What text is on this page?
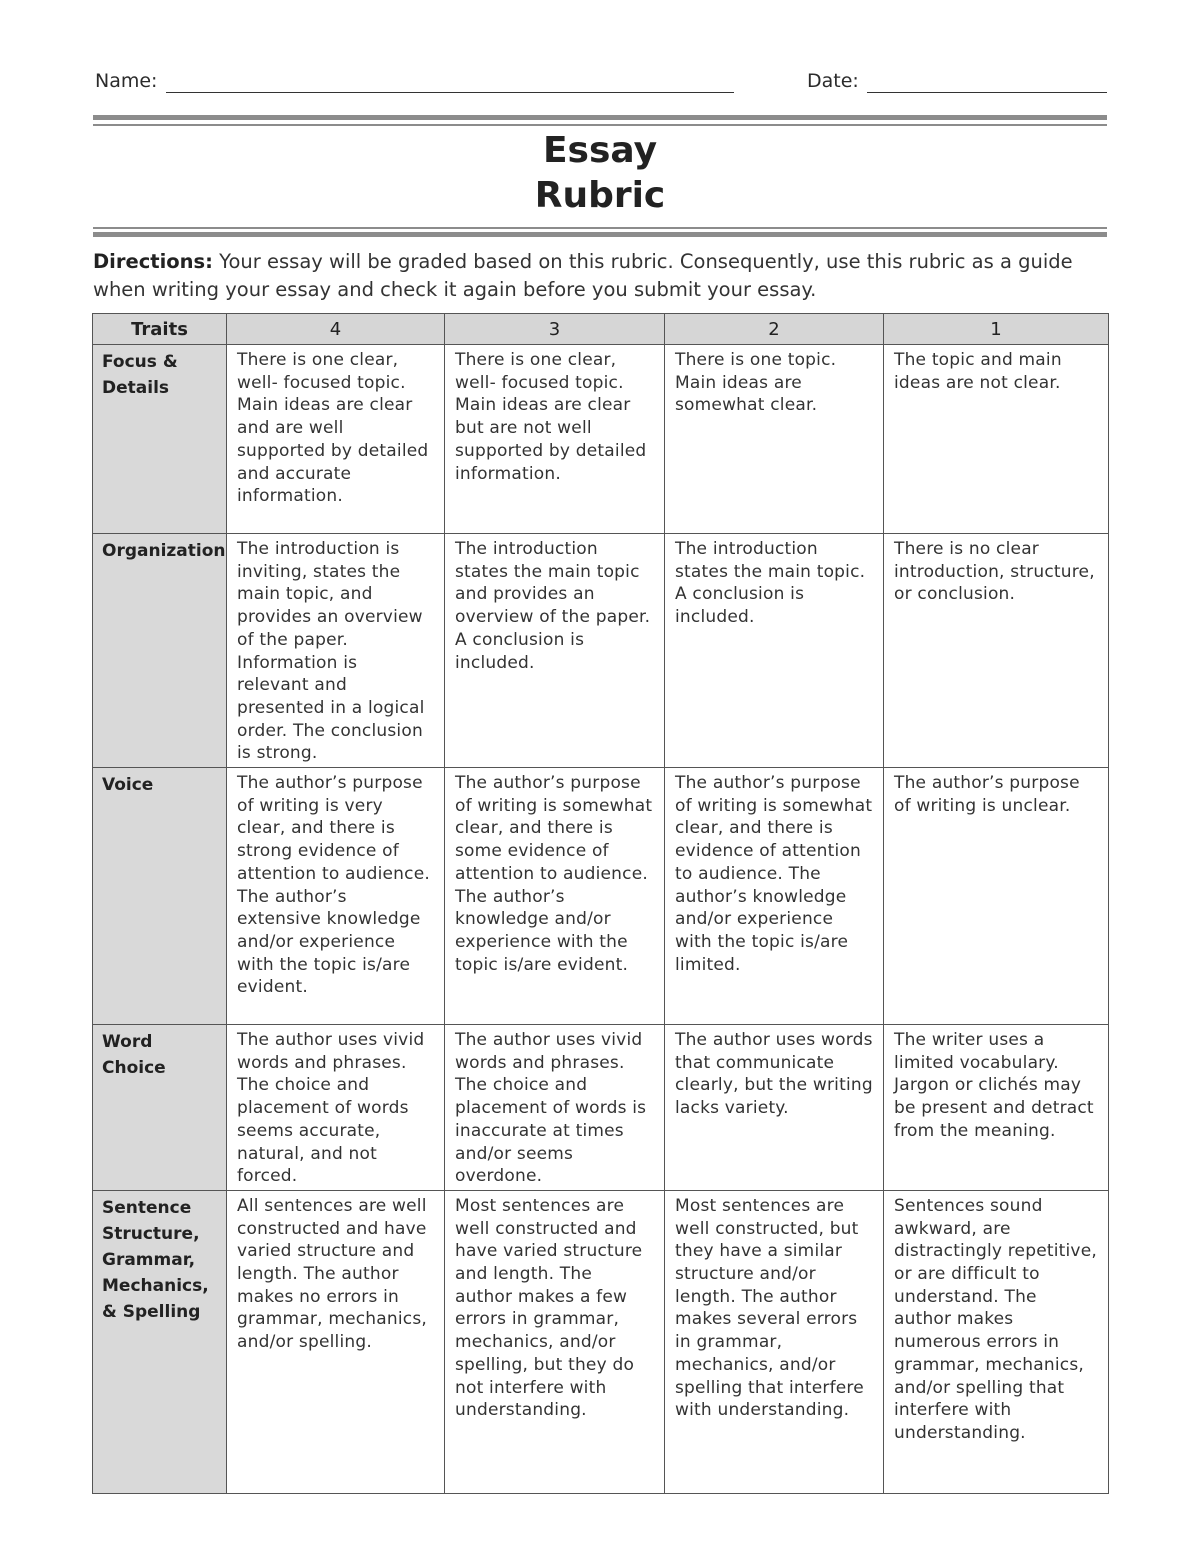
Name:	Date:
Essay
Rubric
Directions: Your essay will be graded based on this rubric. Consequently, use this rubric as a guide when writing your essay and check it again before you submit your essay.
Traits	4	3	2	1
Focus & Details	There is one clear, well- focused topic. Main ideas are clear and are well supported by detailed and accurate information.	There is one clear, well- focused topic. Main ideas are clear but are not well supported by detailed information.	There is one topic. Main ideas are somewhat clear.	The topic and main ideas are not clear.
Organization	The introduction is inviting, states the main topic, and provides an overview of the paper. Information is relevant and presented in a logical order. The conclusion is strong.	The introduction states the main topic and provides an overview of the paper. A conclusion is included.	The introduction states the main topic. A conclusion is included.	There is no clear introduction, structure, or conclusion.
Voice	The author’s purpose of writing is very clear, and there is strong evidence of attention to audience. The author’s extensive knowledge and/or experience with the topic is/are evident.	The author’s purpose of writing is somewhat clear, and there is some evidence of attention to audience. The author’s knowledge and/or experience with the topic is/are evident.	The author’s purpose of writing is somewhat clear, and there is evidence of attention to audience. The author’s knowledge and/or experience with the topic is/are limited.	The author’s purpose of writing is unclear.
Word Choice	The author uses vivid words and phrases. The choice and placement of words seems accurate, natural, and not forced.	The author uses vivid words and phrases. The choice and placement of words is inaccurate at times and/or seems overdone.	The author uses words that communicate clearly, but the writing lacks variety.	The writer uses a limited vocabulary. Jargon or clichés may be present and detract from the meaning.
Sentence Structure, Grammar, Mechanics, & Spelling	All sentences are well constructed and have varied structure and length. The author makes no errors in grammar, mechanics, and/or spelling.	Most sentences are well constructed and have varied structure and length. The author makes a few errors in grammar, mechanics, and/or spelling, but they do not interfere with understanding.	Most sentences are well constructed, but they have a similar structure and/or length. The author makes several errors in grammar, mechanics, and/or spelling that interfere with understanding.	Sentences sound awkward, are distractingly repetitive, or are difficult to understand. The author makes numerous errors in grammar, mechanics, and/or spelling that interfere with understanding.
